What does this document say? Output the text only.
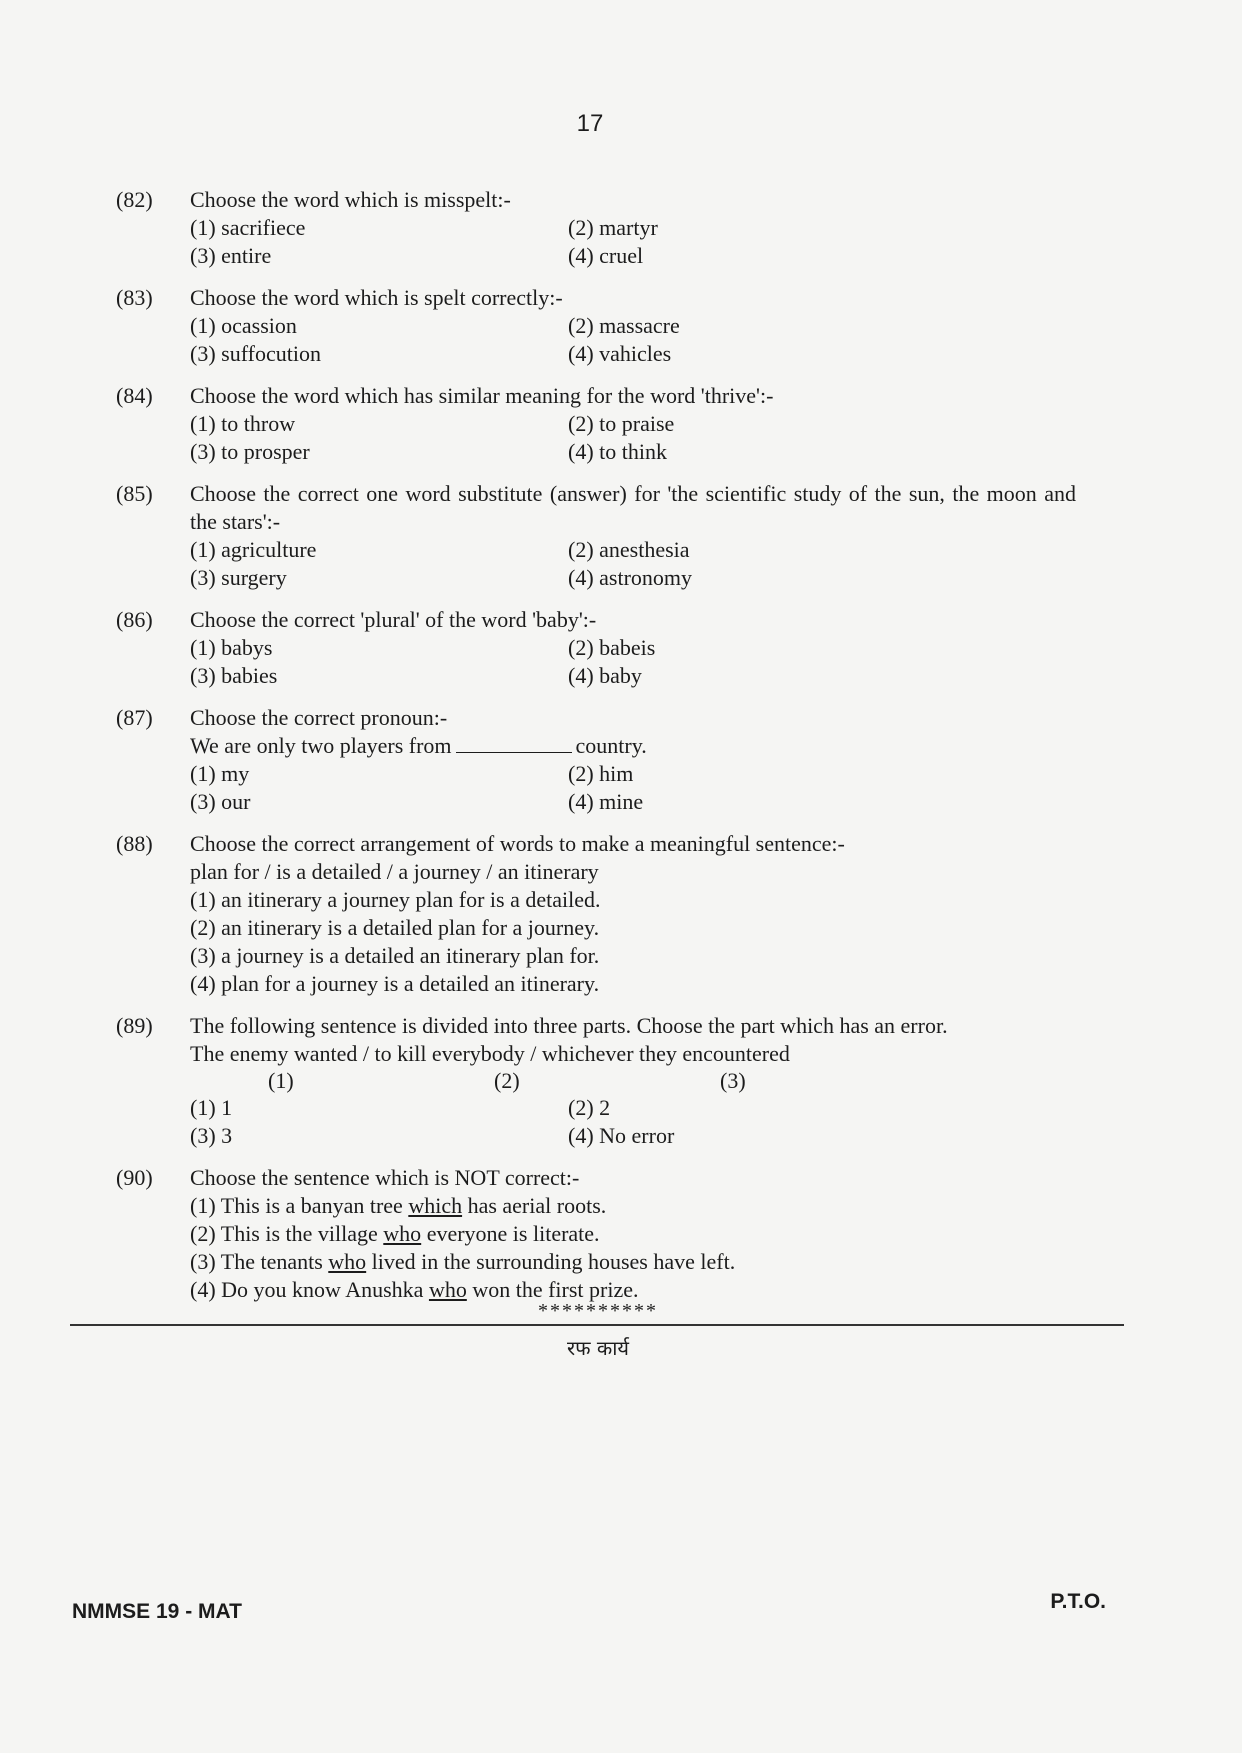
17
(82) Choose the word which is misspelt:-
(1) sacrifiece	(2) martyr
(3) entire	(4) cruel
(83) Choose the word which is spelt correctly:-
(1) ocassion	(2) massacre
(3) suffocution	(4) vahicles
(84) Choose the word which has similar meaning for the word 'thrive':-
(1) to throw	(2) to praise
(3) to prosper	(4) to think
(85) Choose the correct one word substitute (answer) for 'the scientific study of the sun, the moon and the stars':-
(1) agriculture	(2) anesthesia
(3) surgery	(4) astronomy
(86) Choose the correct 'plural' of the word 'baby':-
(1) babys	(2) babeis
(3) babies	(4) baby
(87) Choose the correct pronoun:-
We are only two players from	country.
(1) my	(2) him
(3) our	(4) mine
(88) Choose the correct arrangement of words to make a meaningful sentence:-
plan for / is a detailed / a journey / an itinerary
(1) an itinerary a journey plan for is a detailed.
(2) an itinerary is a detailed plan for a journey.
(3) a journey is a detailed an itinerary plan for.
(4) plan for a journey is a detailed an itinerary.
(89) The following sentence is divided into three parts. Choose the part which has an error.
The enemy wanted / to kill everybody / whichever they encountered
(1)	(2)	(3)
(1) 1	(2) 2
(3) 3	(4) No error
(90) Choose the sentence which is NOT correct:-
(1) This is a banyan tree which has aerial roots.
(2) This is the village who everyone is literate.
(3) The tenants who lived in the surrounding houses have left.
(4) Do you know Anushka who won the first prize.
**********
रफ कार्य
NMMSE 19 - MAT	P.T.O.
